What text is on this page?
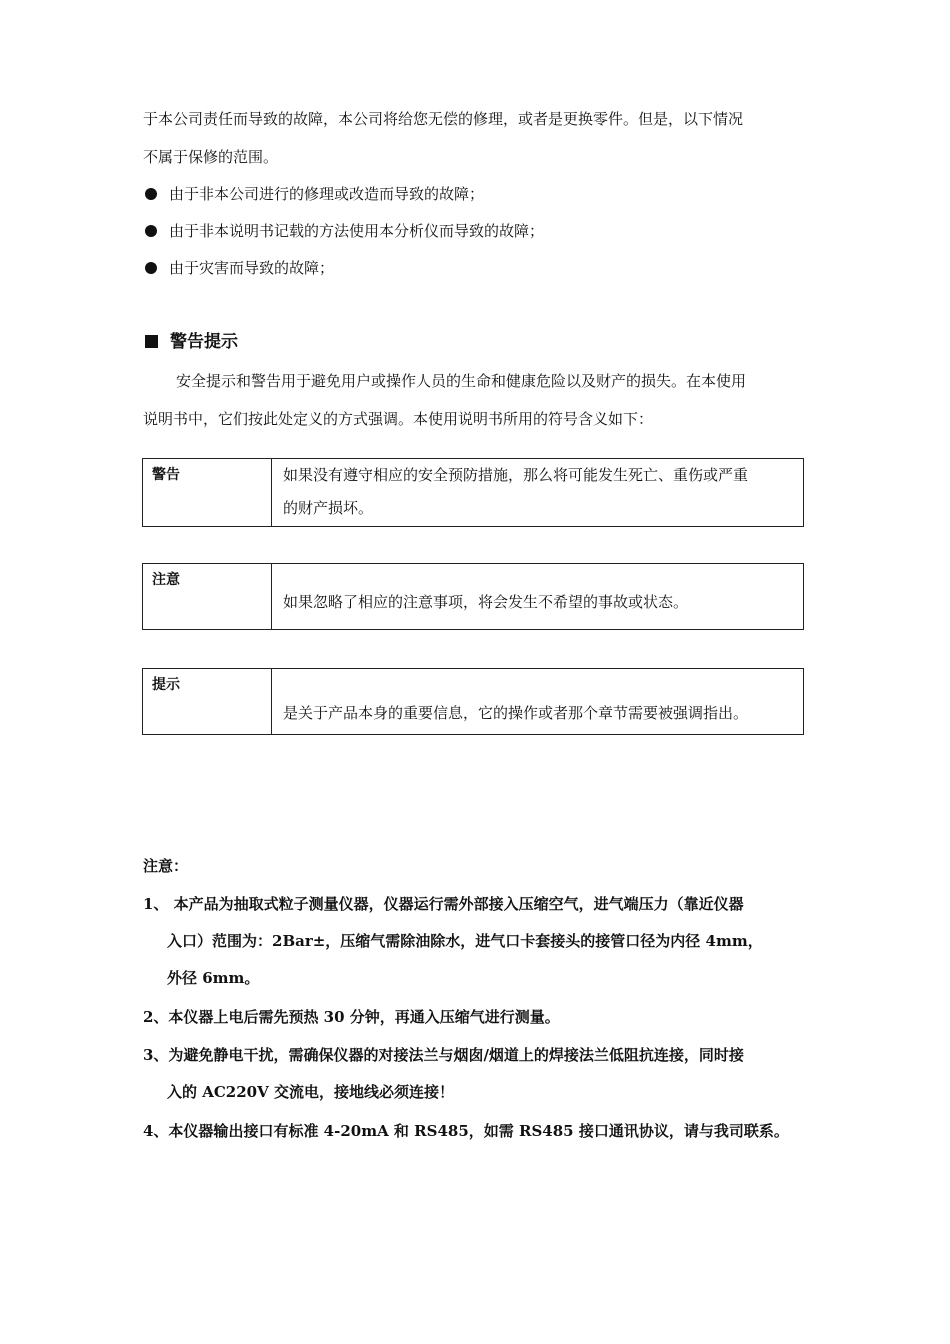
于本公司责任而导致的故障，本公司将给您无偿的修理，或者是更换零件。但是，以下情况
不属于保修的范围。
由于非本公司进行的修理或改造而导致的故障；
由于非本说明书记载的方法使用本分析仪而导致的故障；
由于灾害而导致的故障；
警告提示
安全提示和警告用于避免用户或操作人员的生命和健康危险以及财产的损失。在本使用
说明书中，它们按此处定义的方式强调。本使用说明书所用的符号含义如下：
警告	如果没有遵守相应的安全预防措施，那么将可能发生死亡、重伤或严重
的财产损坏。
注意
如果忽略了相应的注意事项，将会发生不希望的事故或状态。
提示
是关于产品本身的重要信息，它的操作或者那个章节需要被强调指出。
注意：
1、 本产品为抽取式粒子测量仪器，仪器运行需外部接入压缩空气，进气端压力（靠近仪器
入口）范围为：2Bar±，压缩气需除油除水，进气口卡套接头的接管口径为内径 4mm，
外径 6mm。
2、本仪器上电后需先预热 30 分钟，再通入压缩气进行测量。
3、为避免静电干扰，需确保仪器的对接法兰与烟囱/烟道上的焊接法兰低阻抗连接，同时接
入的 AC220V 交流电，接地线必须连接！
4、本仪器输出接口有标准 4-20mA 和 RS485，如需 RS485 接口通讯协议，请与我司联系。
